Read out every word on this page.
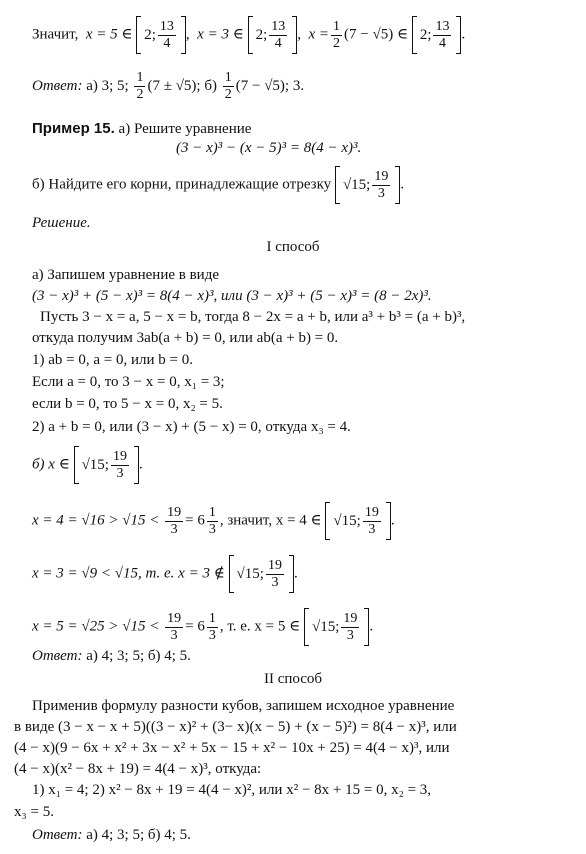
Значит, x = 5 ∈ 2; $\frac{13}{4}$ , x = 3 ∈ 2; $\frac{13}{4}$ , $x = \frac{1}{2} (7 - √5)$ ∈ 2; $\frac{13}{4}$ .
Ответ: а) 3; 5; $\frac{1}{2} (7 \pm √5)$; $б) \frac{1}{2} (7 - √5)$; 3.
Пример 15. а) Решите уравнение
(3 − x)³ − (x − 5)³ = 8(4 − x)³.
б) Найдите его корни, принадлежащие отрезку √15; $\frac{19}{3}$ .
Решение.
I способ
а) Запишем уравнение в виде
(3 − x)³ + (5 − x)³ = 8(4 − x)³, или (3 − x)³ + (5 − x)³ = (8 − 2x)³.
Пусть 3 − x = a, 5 − x = b, тогда 8 − 2x = a + b, или a³ + b³ = (a + b)³,
откуда получим 3ab(a + b) = 0, или ab(a + b) = 0.
1) ab = 0, a = 0, или b = 0.
Если a = 0, то 3 − x = 0, x₁ = 3;
если b = 0, то 5 − x = 0, x₂ = 5.
2) a + b = 0, или (3 − x) + (5 − x) = 0, откуда x₃ = 4.
б) x ∈ √15; $\frac{19}{3}$ .
$x = 4 = √16 > √15 < \frac{19}{3} = 6 \frac{1}{3}$ , значит, x = 4 ∈ √15; $\frac{19}{3}$ .
x = 3 = √9 < √15, т. е. x = 3 ∉ √15; $\frac{19}{3}$ .
$x = 5 = √25 > √15 < \frac{19}{3} = 6 \frac{1}{3}$ , т. е. x = 5 ∈ √15; $\frac{19}{3}$ .
Ответ: а) 4; 3; 5; б) 4; 5.
II способ
Применив формулу разности кубов, запишем исходное уравнение
в виде (3 − x − x + 5)((3 − x)² + (3− x)(x − 5) + (x − 5)²) = 8(4 − x)³, или
(4 − x)(9 − 6x + x² + 3x − x² + 5x − 15 + x² − 10x + 25) = 4(4 − x)³, или
(4 − x)(x² − 8x + 19) = 4(4 − x)³, откуда:
1) x₁ = 4; 2) x² − 8x + 19 = 4(4 − x)², или x² − 8x + 15 = 0, x₂ = 3,
x₃ = 5.
Ответ: а) 4; 3; 5; б) 4; 5.
